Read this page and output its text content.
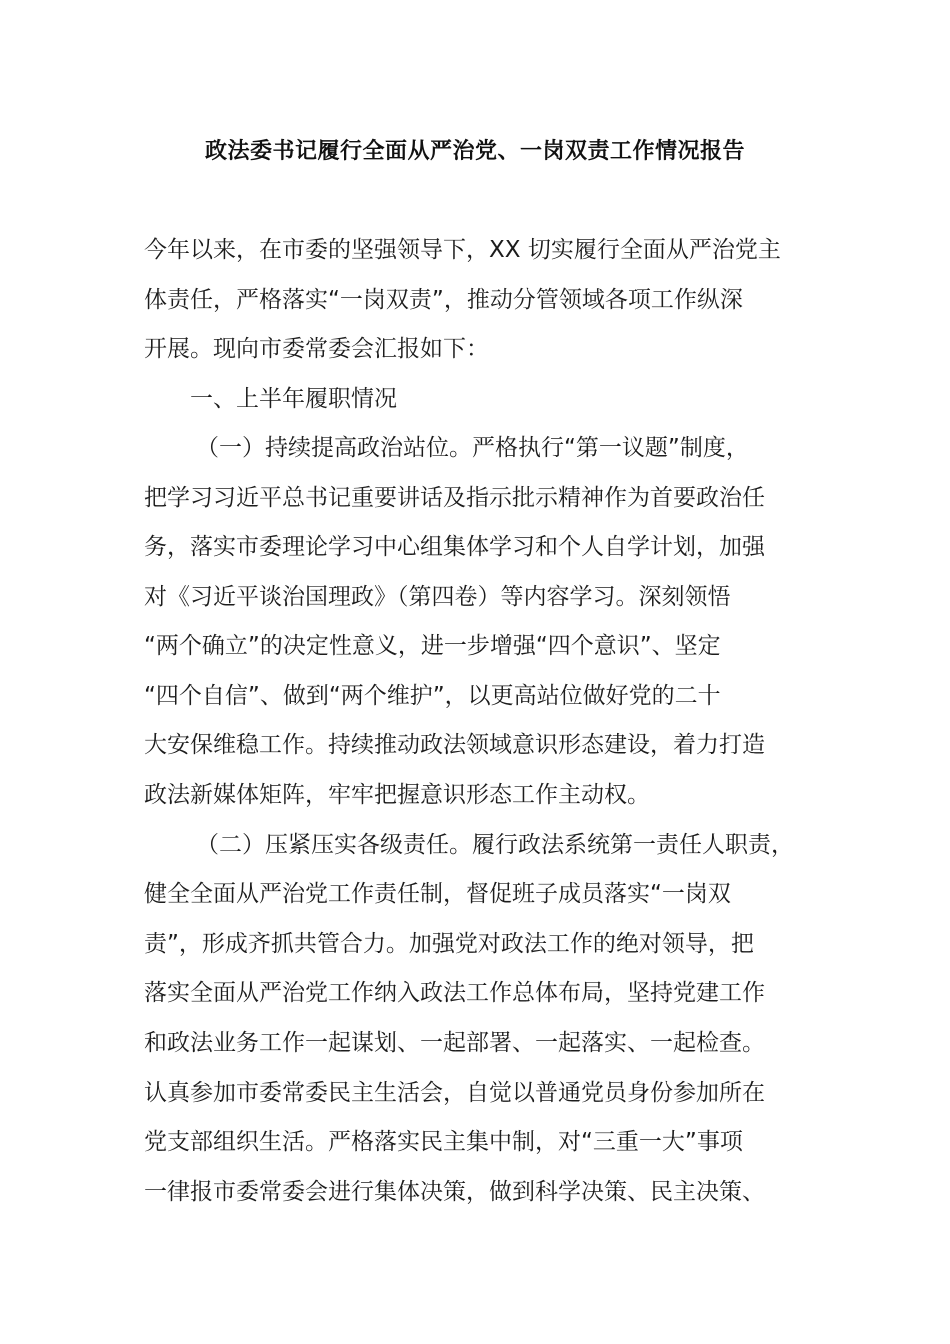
政法委书记履行全面从严治党、一岗双责工作情况报告
今年以来，在市委的坚强领导下，XX 切实履行全面从严治党主
体责任，严格落实“一岗双责”，推动分管领域各项工作纵深
开展。现向市委常委会汇报如下：
一、上半年履职情况
（一）持续提高政治站位。严格执行“第一议题”制度，
把学习习近平总书记重要讲话及指示批示精神作为首要政治任
务，落实市委理论学习中心组集体学习和个人自学计划，加强
对《习近平谈治国理政》（第四卷）等内容学习。深刻领悟
“两个确立”的决定性意义，进一步增强“四个意识”、坚定
“四个自信”、做到“两个维护”，以更高站位做好党的二十
大安保维稳工作。持续推动政法领域意识形态建设，着力打造
政法新媒体矩阵，牢牢把握意识形态工作主动权。
（二）压紧压实各级责任。履行政法系统第一责任人职责，
健全全面从严治党工作责任制，督促班子成员落实“一岗双
责”，形成齐抓共管合力。加强党对政法工作的绝对领导，把
落实全面从严治党工作纳入政法工作总体布局，坚持党建工作
和政法业务工作一起谋划、一起部署、一起落实、一起检查。
认真参加市委常委民主生活会，自觉以普通党员身份参加所在
党支部组织生活。严格落实民主集中制，对“三重一大”事项
一律报市委常委会进行集体决策，做到科学决策、民主决策、
